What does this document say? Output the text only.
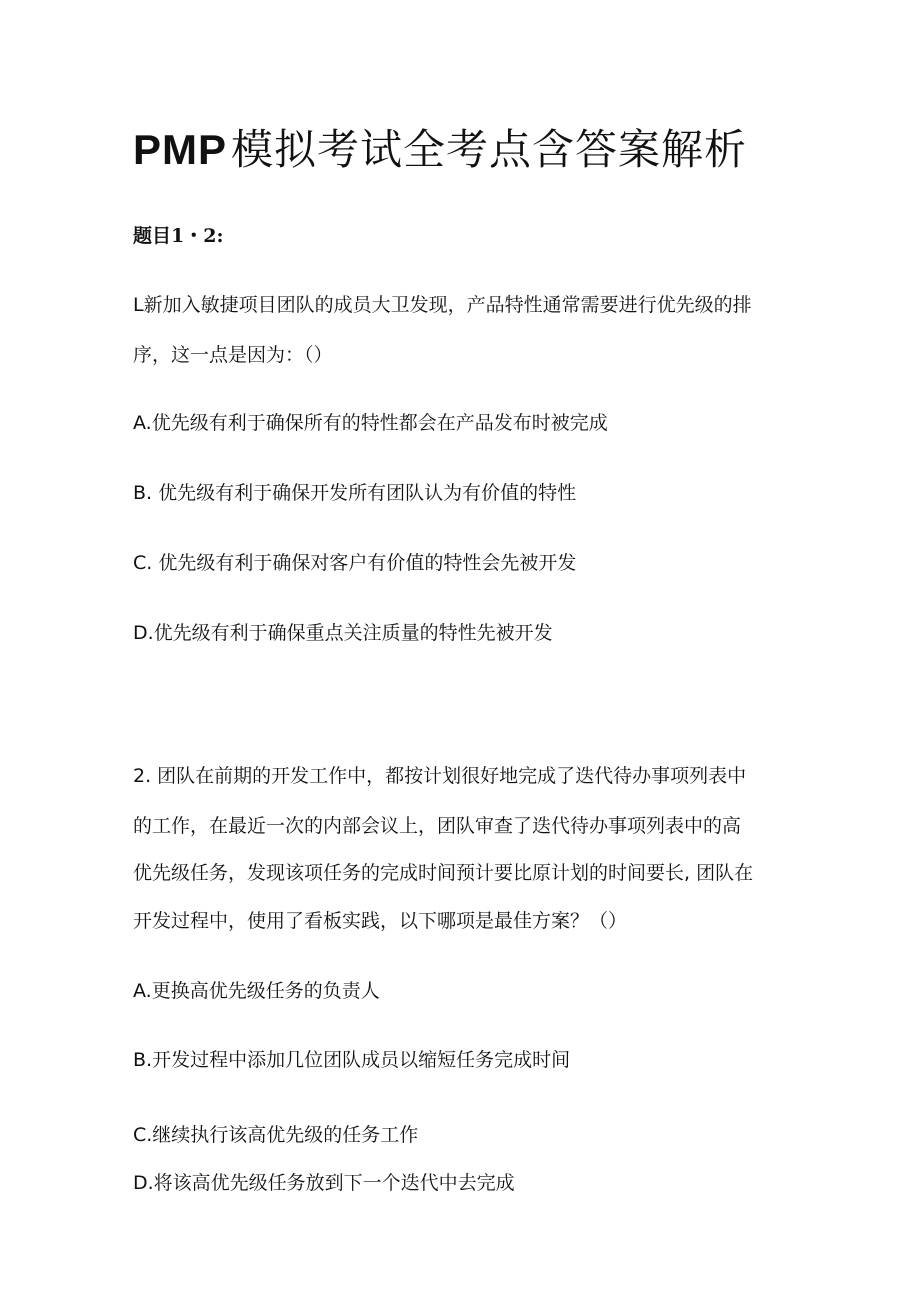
PMP模拟考试全考点含答案解析
题目1・2:
L新加入敏捷项目团队的成员大卫发现，产品特性通常需要进行优先级的排
序，这一点是因为：（）
A.优先级有利于确保所有的特性都会在产品发布时被完成
B. 优先级有利于确保开发所有团队认为有价值的特性
C. 优先级有利于确保对客户有价值的特性会先被开发
D.优先级有利于确保重点关注质量的特性先被开发
2. 团队在前期的开发工作中，都按计划很好地完成了迭代待办事项列表中
的工作，在最近一次的内部会议上，团队审查了迭代待办事项列表中的高
优先级任务，发现该项任务的完成时间预计要比原计划的时间要长, 团队在
开发过程中，使用了看板实践，以下哪项是最佳方案？（）
A.更换高优先级任务的负责人
B.开发过程中添加几位团队成员以缩短任务完成时间
C.继续执行该高优先级的任务工作
D.将该高优先级任务放到下一个迭代中去完成
